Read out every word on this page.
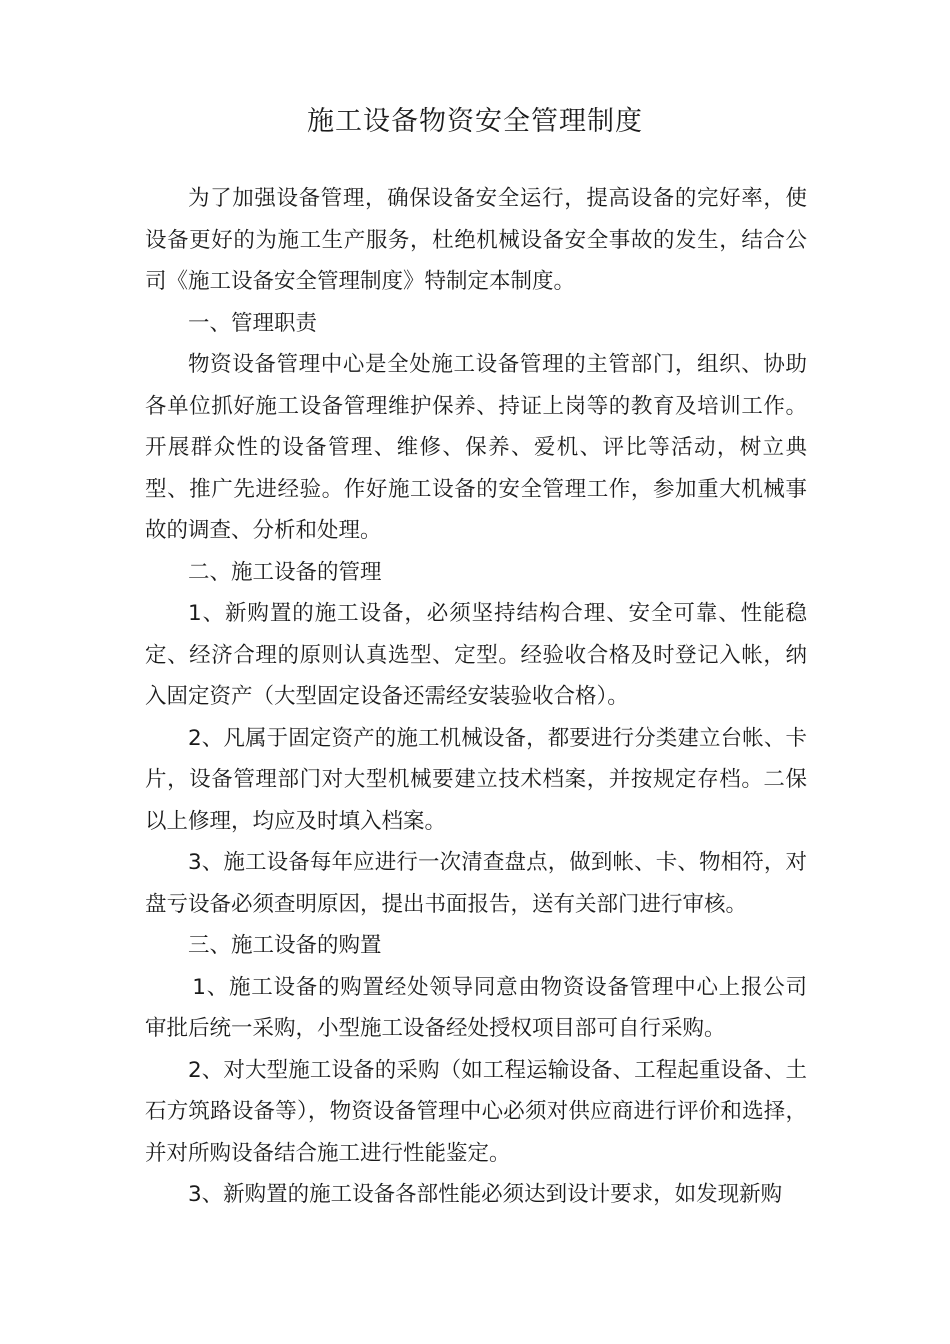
施工设备物资安全管理制度

为了加强设备管理，确保设备安全运行，提高设备的完好率，使设备更好的为施工生产服务，杜绝机械设备安全事故的发生，结合公司《施工设备安全管理制度》特制定本制度。

一、管理职责

物资设备管理中心是全处施工设备管理的主管部门，组织、协助各单位抓好施工设备管理维护保养、持证上岗等的教育及培训工作。开展群众性的设备管理、维修、保养、爱机、评比等活动，树立典型、推广先进经验。作好施工设备的安全管理工作，参加重大机械事故的调查、分析和处理。

二、施工设备的管理

1、新购置的施工设备，必须坚持结构合理、安全可靠、性能稳定、经济合理的原则认真选型、定型。经验收合格及时登记入帐，纳入固定资产（大型固定设备还需经安装验收合格）。

2、凡属于固定资产的施工机械设备，都要进行分类建立台帐、卡片，设备管理部门对大型机械要建立技术档案，并按规定存档。二保以上修理，均应及时填入档案。

3、施工设备每年应进行一次清查盘点，做到帐、卡、物相符，对盘亏设备必须查明原因，提出书面报告，送有关部门进行审核。

三、施工设备的购置

1、施工设备的购置经处领导同意由物资设备管理中心上报公司审批后统一采购，小型施工设备经处授权项目部可自行采购。

2、对大型施工设备的采购（如工程运输设备、工程起重设备、土石方筑路设备等），物资设备管理中心必须对供应商进行评价和选择，并对所购设备结合施工进行性能鉴定。

3、新购置的施工设备各部性能必须达到设计要求，如发现新购
